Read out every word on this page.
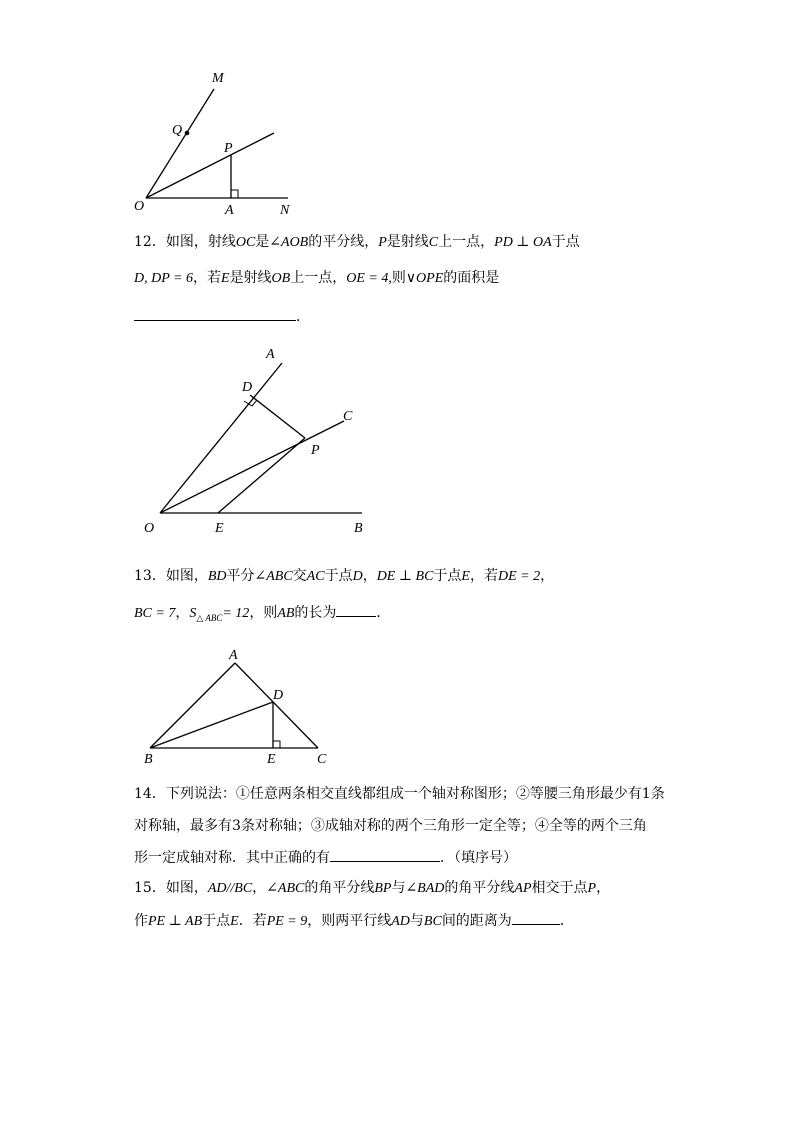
M
Q
P
O	A	N
12．如图，射线OC是∠AOB的平分线，P是射线C上一点，PD ⊥ OA于点
D, DP = 6，若E是射线OB上一点，OE = 4,则∨OPE的面积是
．
A
D
C
P
O	E	B
13．如图，BD平分∠ABC交AC于点D，DE ⊥ BC于点E，若DE = 2，
BC = 7，$S_{\triangle ABC}= 12$，则AB的长为	．
A
D
B	E	C
14．下列说法：①任意两条相交直线都组成一个轴对称图形；②等腰三角形最少有1条
对称轴，最多有3条对称轴；③成轴对称的两个三角形一定全等；④全等的两个三角
形一定成轴对称．其中正确的有	．（填序号）
15．如图，AD//BC，∠ABC的角平分线BP与∠BAD的角平分线AP相交于点P，
作PE ⊥ AB于点E．若PE = 9，则两平行线AD与BC间的距离为	．
